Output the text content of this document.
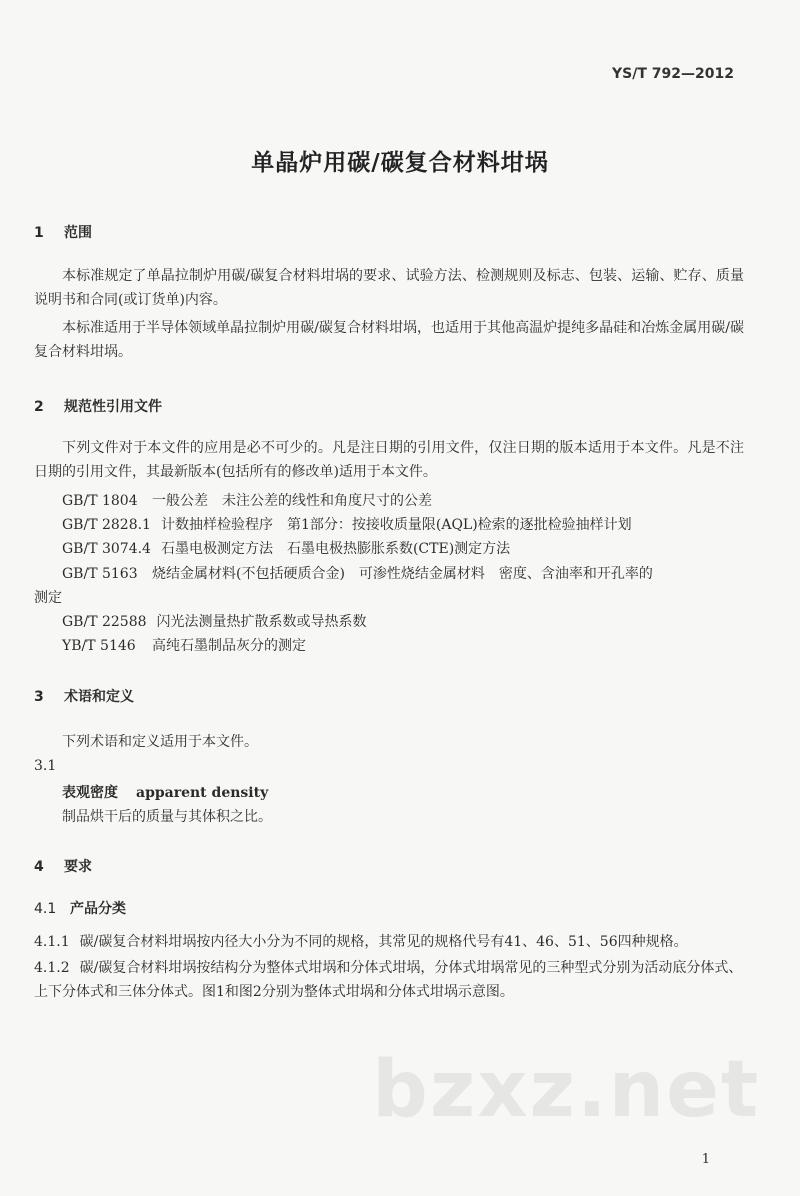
YS/T 792—2012
单晶炉用碳/碳复合材料坩埚
1 范围
本标准规定了单晶拉制炉用碳/碳复合材料坩埚的要求、试验方法、检测规则及标志、包装、运输、贮存、质量说明书和合同(或订货单)内容。
本标准适用于半导体领域单晶拉制炉用碳/碳复合材料坩埚，也适用于其他高温炉提纯多晶硅和冶炼金属用碳/碳复合材料坩埚。
2 规范性引用文件
下列文件对于本文件的应用是必不可少的。凡是注日期的引用文件，仅注日期的版本适用于本文件。凡是不注日期的引用文件，其最新版本(包括所有的修改单)适用于本文件。
GB/T 1804 一般公差　未注公差的线性和角度尺寸的公差
GB/T 2828.1 计数抽样检验程序　第1部分：按接收质量限(AQL)检索的逐批检验抽样计划
GB/T 3074.4 石墨电极测定方法　石墨电极热膨胀系数(CTE)测定方法
GB/T 5163 烧结金属材料(不包括硬质合金)　可渗性烧结金属材料　密度、含油率和开孔率的
测定
GB/T 22588 闪光法测量热扩散系数或导热系数
YB/T 5146 高纯石墨制品灰分的测定
3 术语和定义
下列术语和定义适用于本文件。
3.1
表观密度 apparent density
制品烘干后的质量与其体积之比。
4 要求
4.1 产品分类
4.1.1 碳/碳复合材料坩埚按内径大小分为不同的规格，其常见的规格代号有41、46、51、56四种规格。
4.1.2 碳/碳复合材料坩埚按结构分为整体式坩埚和分体式坩埚，分体式坩埚常见的三种型式分别为活动底分体式、上下分体式和三体分体式。图1和图2分别为整体式坩埚和分体式坩埚示意图。
bzxz.net
1
